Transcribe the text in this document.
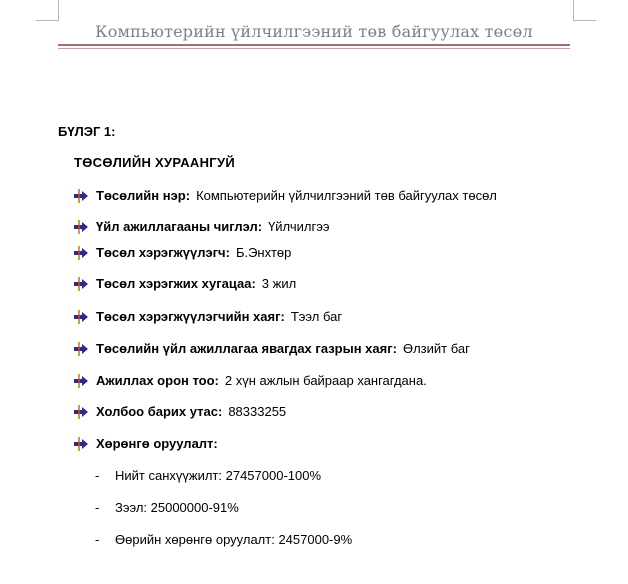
Компьютерийн үйлчилгээний төв байгуулах төсөл
БҮЛЭГ 1:
ТӨСӨЛИЙН ХУРААНГУЙ
Төсөлийн нэр: Компьютерийн үйлчилгээний төв байгуулах төсөл
Үйл ажиллагааны чиглэл: Үйлчилгээ
Төсөл хэрэгжүүлэгч: Б.Энхтөр
Төсөл хэрэгжих хугацаа: 3 жил
Төсөл хэрэгжүүлэгчийн хаяг: Тээл баг
Төсөлийн үйл ажиллагаа явагдах газрын хаяг: Өлзийт баг
Ажиллах орон тоо: 2 хүн ажлын байраар хангагдана.
Холбоо барих утас: 88333255
Хөрөнгө оруулалт:
- Нийт санхүүжилт: 27457000-100%
- Зээл: 25000000-91%
- Өөрийн хөрөнгө оруулалт: 2457000-9%
